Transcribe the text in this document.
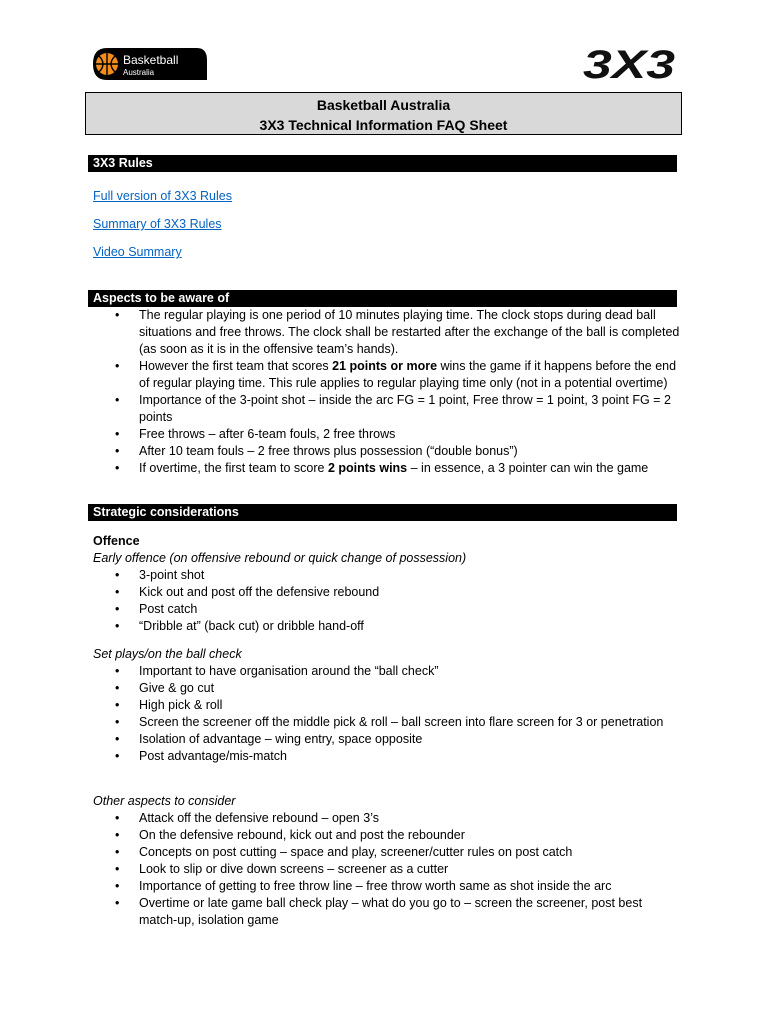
Basketball
Australia	3X3
Basketball Australia
3X3 Technical Information FAQ Sheet
3X3 Rules
Full version of 3X3 Rules
Summary of 3X3 Rules
Video Summary
Aspects to be aware of
• The regular playing is one period of 10 minutes playing time. The clock stops during dead ball situations and free throws. The clock shall be restarted after the exchange of the ball is completed (as soon as it is in the offensive team’s hands).
• However the first team that scores 21 points or more wins the game if it happens before the end of regular playing time. This rule applies to regular playing time only (not in a potential overtime)
• Importance of the 3-point shot – inside the arc FG = 1 point, Free throw = 1 point, 3 point FG = 2 points
• Free throws – after 6-team fouls, 2 free throws
• After 10 team fouls – 2 free throws plus possession (“double bonus”)
• If overtime, the first team to score 2 points wins – in essence, a 3 pointer can win the game
Strategic considerations
Offence
Early offence (on offensive rebound or quick change of possession)
• 3-point shot
• Kick out and post off the defensive rebound
• Post catch
• “Dribble at” (back cut) or dribble hand-off
Set plays/on the ball check
• Important to have organisation around the “ball check”
• Give & go cut
• High pick & roll
• Screen the screener off the middle pick & roll – ball screen into flare screen for 3 or penetration
• Isolation of advantage – wing entry, space opposite
• Post advantage/mis-match
Other aspects to consider
• Attack off the defensive rebound – open 3’s
• On the defensive rebound, kick out and post the rebounder
• Concepts on post cutting – space and play, screener/cutter rules on post catch
• Look to slip or dive down screens – screener as a cutter
• Importance of getting to free throw line – free throw worth same as shot inside the arc
• Overtime or late game ball check play – what do you go to – screen the screener, post best match-up, isolation game
